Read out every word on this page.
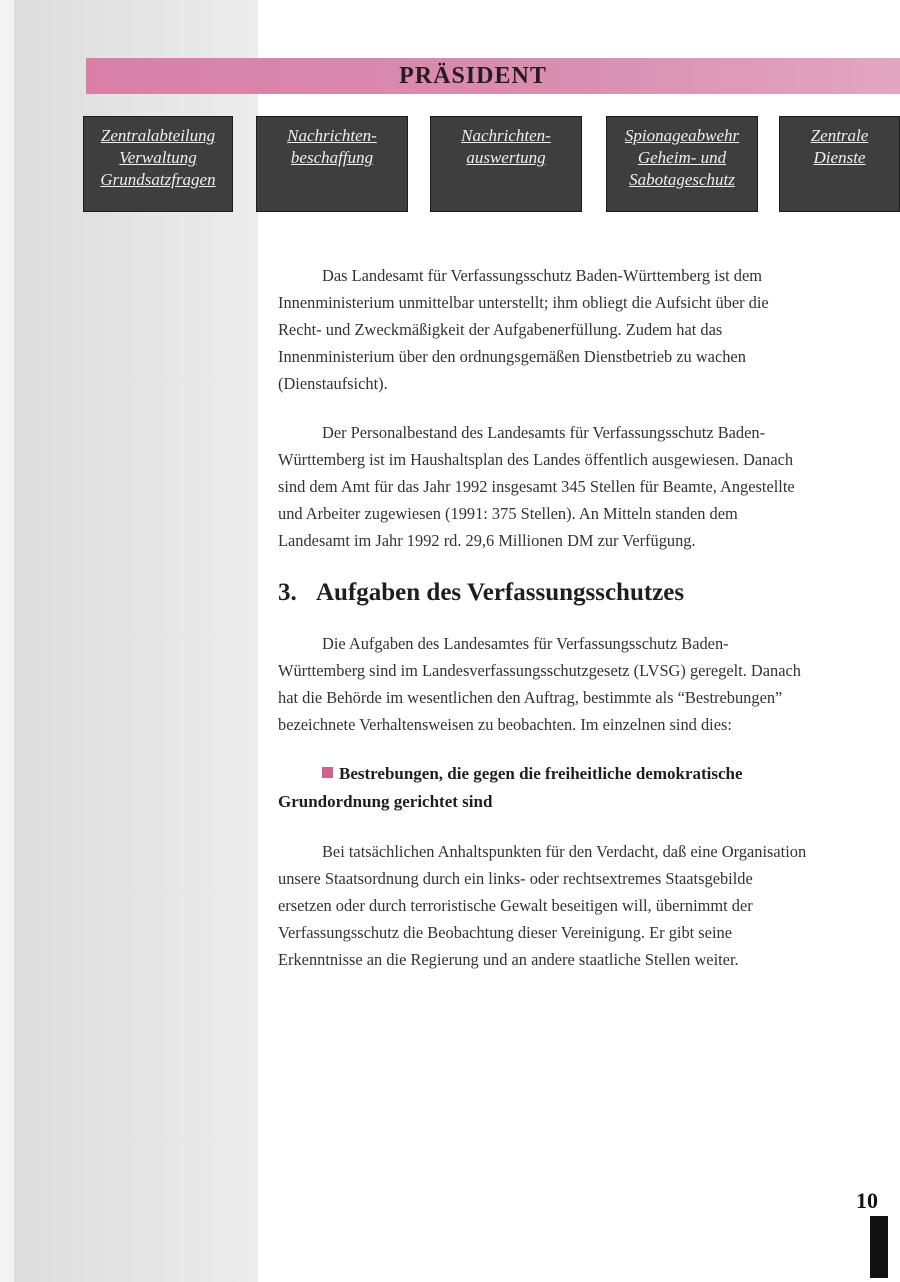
PRÄSIDENT
Zentralabteilung
Verwaltung
Grundsatzfragen
Nachrichten-
beschaffung
Nachrichten-
auswertung
Spionageabwehr
Geheim- und
Sabotageschutz
Zentrale
Dienste

Das Landesamt für Verfassungsschutz Baden-Württemberg ist dem Innenministerium unmittelbar unterstellt; ihm obliegt die Aufsicht über die Recht- und Zweckmäßigkeit der Aufgabenerfüllung. Zudem hat das Innenministerium über den ordnungsgemäßen Dienstbetrieb zu wachen (Dienstaufsicht).

Der Personalbestand des Landesamts für Verfassungsschutz Baden-Württemberg ist im Haushaltsplan des Landes öffentlich ausgewiesen. Danach sind dem Amt für das Jahr 1992 insgesamt 345 Stellen für Beamte, Angestellte und Arbeiter zugewiesen (1991: 375 Stellen). An Mitteln standen dem Landesamt im Jahr 1992 rd. 29,6 Millionen DM zur Verfügung.

3. Aufgaben des Verfassungsschutzes

Die Aufgaben des Landesamtes für Verfassungsschutz Baden-Württemberg sind im Landesverfassungsschutzgesetz (LVSG) geregelt. Danach hat die Behörde im wesentlichen den Auftrag, bestimmte als “Bestrebungen” bezeichnete Verhaltensweisen zu beobachten. Im einzelnen sind dies:

Bestrebungen, die gegen die freiheitliche demokratische
Grundordnung gerichtet sind

Bei tatsächlichen Anhaltspunkten für den Verdacht, daß eine Organisation unsere Staatsordnung durch ein links- oder rechtsextremes Staatsgebilde ersetzen oder durch terroristische Gewalt beseitigen will, übernimmt der Verfassungsschutz die Beobachtung dieser Vereinigung. Er gibt seine Erkenntnisse an die Regierung und an andere staatliche Stellen weiter.

10
